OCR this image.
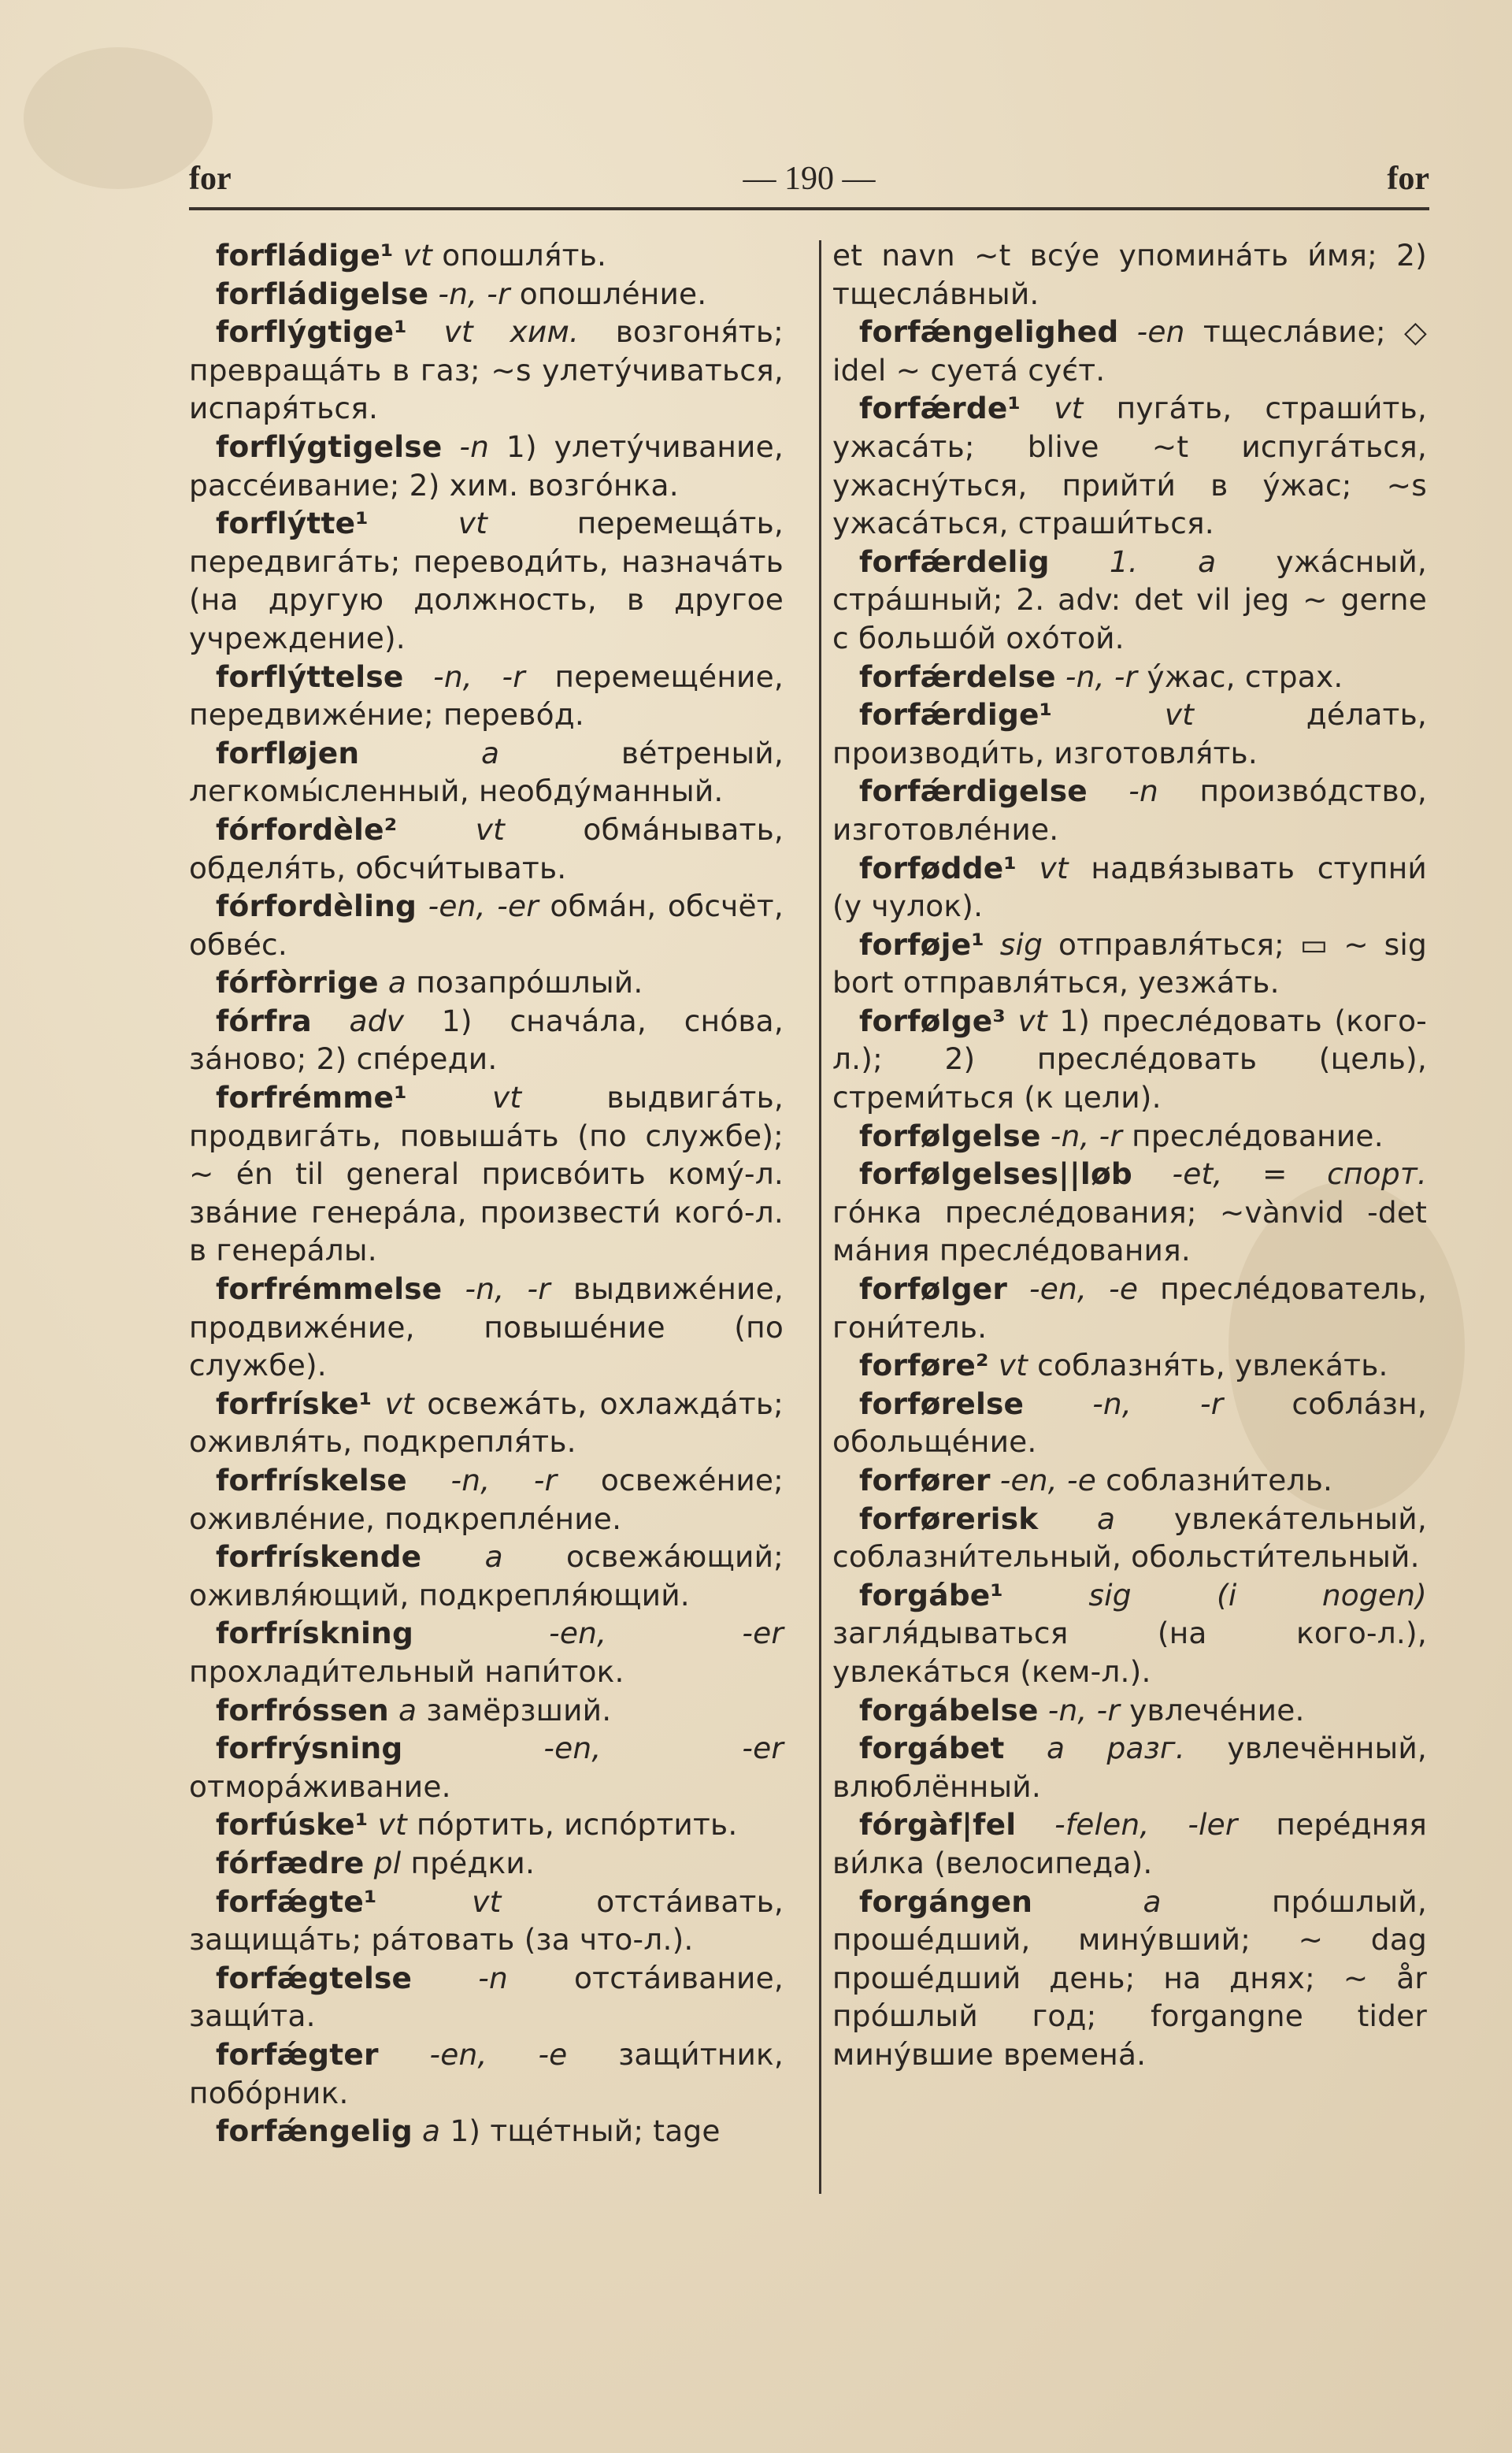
for	— 190 —	for

forfládige¹ vt опошля́ть.

forfládigelse -n, -r опошле́ние.

forflýgtige¹ vt хим. возгоня́ть; превраща́ть в газ; ~s улету́чиваться, испаря́ться.

forflýgtigelse -n 1) улету́чивание, рассе́ивание; 2) хим. возго́нка.

forflýtte¹	vt	перемеща́ть, передвига́ть; переводи́ть, назнача́ть (на другую должность, в другое учреждение).

forflýttelse -n, -r перемеще́ние, передвиже́ние; перево́д.

forfløjen	a	ве́треный, легкомы́сленный, необду́манный.

fórfordèle²	vt	обма́нывать, обделя́ть, обсчи́тывать.

fórfordèling -en, -er обма́н, обсчёт, обве́с.

fórfòrrige a позапро́шлый.

fórfra adv 1) снача́ла, сно́ва, за́ново; 2) спе́реди.

forfrémme¹	vt	выдвига́ть, продвига́ть, повыша́ть (по службе); ~ én til general присво́ить кому́-л. зва́ние генера́ла, произвести́ кого́-л. в генера́лы.

forfrémmelse -n, -r выдвиже́ние, продвиже́ние, повыше́ние (по службе).

forfríske¹ vt освежа́ть, охлажда́ть; оживля́ть, подкрепля́ть.

forfrískelse -n, -r освеже́ние; оживле́ние, подкрепле́ние.

forfrískende a освежа́ющий; оживля́ющий, подкрепля́ющий.

forfrískning	-en, -er прохлади́тельный напи́ток.

forfrόssen a замёрзший.

forfrýsning	-en, -er отмора́живание.

forfúske¹ vt по́ртить, испо́ртить.

fórfædre pl пре́дки.

forfǽgte¹	vt	отста́ивать, защища́ть; ра́товать (за что-л.).

forfǽgtelse -n отста́ивание, защи́та.

forfǽgter -en, -e защи́тник, побо́рник.

forfǽngelig a 1) тще́тный; tage

et navn ~t всу́е упомина́ть и́мя; 2) тщесла́вный.

forfǽngelighed -en тщесла́вие; ◇ idel ~ суета́ сує́т.

forfǽrde¹ vt пуга́ть, страши́ть, ужаса́ть; blive ~t испуга́ться, ужасну́ться, прийти́ в у́жас; ~s ужаса́ться, страши́ться.

forfǽrdelig 1. a ужа́сный, стра́шный; 2. adv: det vil jeg ~ gerne с большо́й охо́той.

forfǽrdelse -n, -r у́жас, страх.

forfǽrdige¹	vt	де́лать, производи́ть, изготовля́ть.

forfǽrdigelse -n произво́дство, изготовле́ние.

forfødde¹ vt надвя́зывать ступни́ (у чулок).

forføje¹ sig отправля́ться; ▭ ~ sig bort отправля́ться, уезжа́ть.

forfølge³ vt 1) пресле́довать (кого-л.); 2) пресле́довать (цель), стреми́ться (к цели).

forfølgelse -n, -r пресле́дование.

forfølgelses||løb -et, = спорт. го́нка пресле́дования; ~vànvid -det ма́ния пресле́дования.

forfølger -en, -e пресле́дователь, гони́тель.

forføre² vt соблазня́ть, увлека́ть.

forførelse -n, -r собла́зн, обольще́ние.

forfører -en, -e соблазни́тель.

forførerisk a увлека́тельный, соблазни́тельный, обольсти́тельный.

forgábe¹	sig (i nogen) загля́дываться (на кого-л.), увлека́ться (кем-л.).

forgábelse -n, -r увлече́ние.

forgábet a разг. увлечённый, влюблённый.

fórgàf|fel -felen, -ler пере́дняя ви́лка (велосипеда).

forgángen	a	про́шлый, проше́дший, мину́вший; ~ dag проше́дший день; на днях; ~ år про́шлый год; forgangne tider мину́вшие времена́.
